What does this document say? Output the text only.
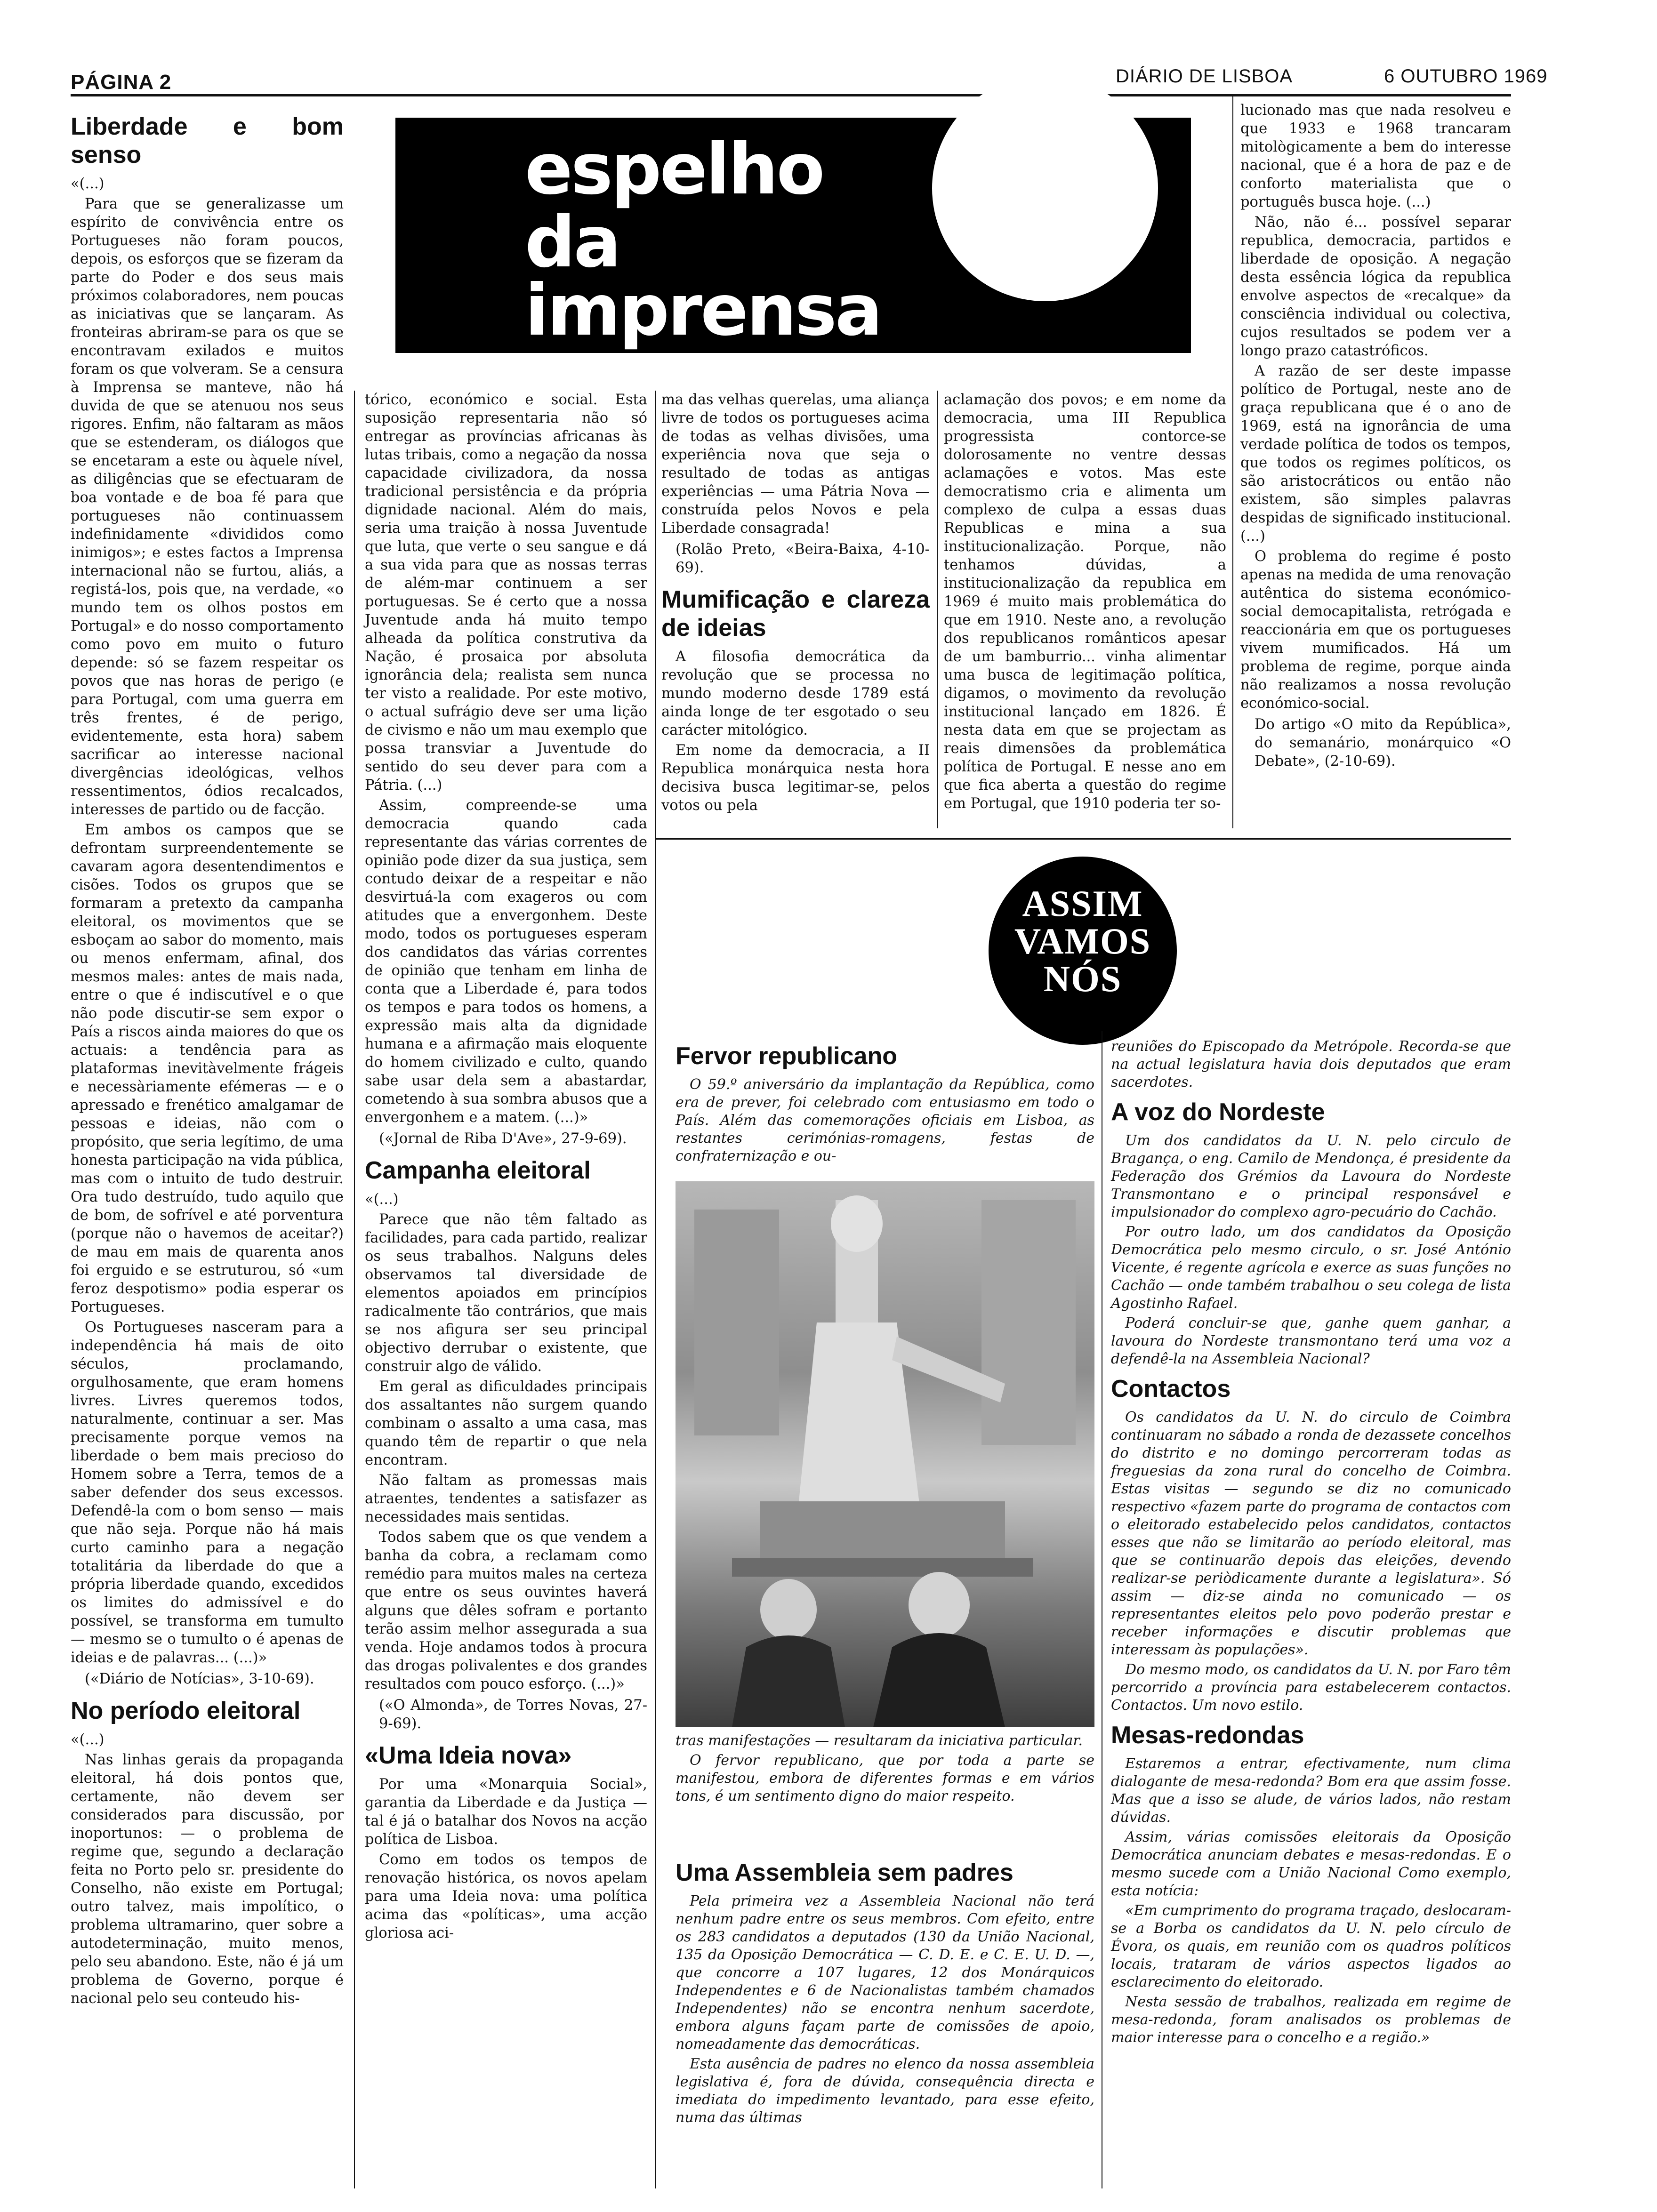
PÁGINA 2	DIÁRIO DE LISBOA	6 OUTUBRO 1969
espelho
da
imprensa
Liberdade e bom senso

«(...)

Para que se generalizasse um espírito de convivência entre os Portugueses não foram poucos, depois, os esforços que se fizeram da parte do Poder e dos seus mais próximos colaboradores, nem poucas as iniciativas que se lançaram. As fronteiras abriram-se para os que se encontravam exilados e muitos foram os que volveram. Se a censura à Imprensa se manteve, não há duvida de que se atenuou nos seus rigores. Enfim, não faltaram as mãos que se estenderam, os diálogos que se encetaram a este ou àquele nível, as diligências que se efectuaram de boa vontade e de boa fé para que portugueses não continuassem indefinidamente «divididos como inimigos»; e estes factos a Imprensa internacional não se furtou, aliás, a registá-los, pois que, na verdade, «o mundo tem os olhos postos em Portugal» e do nosso comportamento como povo em muito o futuro depende: só se fazem respeitar os povos que nas horas de perigo (e para Portugal, com uma guerra em três frentes, é de perigo, evidentemente, esta hora) sabem sacrificar ao interesse nacional divergências ideológicas, velhos ressentimentos, ódios recalcados, interesses de partido ou de facção.

Em ambos os campos que se defrontam surpreendentemente se cavaram agora desentendimentos e cisões. Todos os grupos que se formaram a pretexto da campanha eleitoral, os movimentos que se esboçam ao sabor do momento, mais ou menos enfermam, afinal, dos mesmos males: antes de mais nada, entre o que é indiscutível e o que não pode discutir-se sem expor o País a riscos ainda maiores do que os actuais: a tendência para as plataformas inevitàvelmente frágeis e necessàriamente efémeras — e o apressado e frenético amalgamar de pessoas e ideias, não com o propósito, que seria legítimo, de uma honesta participação na vida pública, mas com o intuito de tudo destruir. Ora tudo destruído, tudo aquilo que de bom, de sofrível e até porventura (porque não o havemos de aceitar?) de mau em mais de quarenta anos foi erguido e se estruturou, só «um feroz despotismo» podia esperar os Portugueses.

Os Portugueses nasceram para a independência há mais de oito séculos, proclamando, orgulhosamente, que eram homens livres. Livres queremos todos, naturalmente, continuar a ser. Mas precisamente porque vemos na liberdade o bem mais precioso do Homem sobre a Terra, temos de a saber defender dos seus excessos. Defendê-la com o bom senso — mais que não seja. Porque não há mais curto caminho para a negação totalitária da liberdade do que a própria liberdade quando, excedidos os limites do admissível e do possível, se transforma em tumulto — mesmo se o tumulto o é apenas de ideias e de palavras... (...)»

(«Diário de Notícias», 3-10-69).

No período eleitoral

«(...)

Nas linhas gerais da propaganda eleitoral, há dois pontos que, certamente, não devem ser considerados para discussão, por inoportunos: — o problema de regime que, segundo a declaração feita no Porto pelo sr. presidente do Conselho, não existe em Portugal; outro talvez, mais impolítico, o problema ultramarino, quer sobre a autodeterminação, muito menos, pelo seu abandono. Este, não é já um problema de Governo, porque é nacional pelo seu conteudo his-

tórico, económico e social. Esta suposição representaria não só entregar as províncias africanas às lutas tribais, como a negação da nossa capacidade civilizadora, da nossa tradicional persistência e da própria dignidade nacional. Além do mais, seria uma traição à nossa Juventude que luta, que verte o seu sangue e dá a sua vida para que as nossas terras de além-mar continuem a ser portuguesas. Se é certo que a nossa Juventude anda há muito tempo alheada da política construtiva da Nação, é prosaica por absoluta ignorância dela; realista sem nunca ter visto a realidade. Por este motivo, o actual sufrágio deve ser uma lição de civismo e não um mau exemplo que possa transviar a Juventude do sentido do seu dever para com a Pátria. (...)

Assim, compreende-se uma democracia quando cada representante das várias correntes de opinião pode dizer da sua justiça, sem contudo deixar de a respeitar e não desvirtuá-la com exageros ou com atitudes que a envergonhem. Deste modo, todos os portugueses esperam dos candidatos das várias correntes de opinião que tenham em linha de conta que a Liberdade é, para todos os tempos e para todos os homens, a expressão mais alta da dignidade humana e a afirmação mais eloquente do homem civilizado e culto, quando sabe usar dela sem a abastardar, cometendo à sua sombra abusos que a envergonhem e a matem. (...)»

(«Jornal de Riba D'Ave», 27-9-69).

Campanha eleitoral

«(...)

Parece que não têm faltado as facilidades, para cada partido, realizar os seus trabalhos. Nalguns deles observamos tal diversidade de elementos apoiados em princípios radicalmente tão contrários, que mais se nos afigura ser seu principal objectivo derrubar o existente, que construir algo de válido.

Em geral as dificuldades principais dos assaltantes não surgem quando combinam o assalto a uma casa, mas quando têm de repartir o que nela encontram.

Não faltam as promessas mais atraentes, tendentes a satisfazer as necessidades mais sentidas.

Todos sabem que os que vendem a banha da cobra, a reclamam como remédio para muitos males na certeza que entre os seus ouvintes haverá alguns que dêles sofram e portanto terão assim melhor assegurada a sua venda. Hoje andamos todos à procura das drogas polivalentes e dos grandes resultados com pouco esforço. (...)»

(«O Almonda», de Torres Novas, 27-9-69).

«Uma Ideia nova»

Por uma «Monarquia Social», garantia da Liberdade e da Justiça — tal é já o batalhar dos Novos na acção política de Lisboa.

Como em todos os tempos de renovação histórica, os novos apelam para uma Ideia nova: uma política acima das «políticas», uma acção gloriosa aci-

ma das velhas querelas, uma aliança livre de todos os portugueses acima de todas as velhas divisões, uma experiência nova que seja o resultado de todas as antigas experiências — uma Pátria Nova — construída pelos Novos e pela Liberdade consagrada!

(Rolão Preto, «Beira-Baixa, 4-10-69).

Mumificação e clareza de ideias

A filosofia democrática da revolução que se processa no mundo moderno desde 1789 está ainda longe de ter esgotado o seu carácter mitológico.

Em nome da democracia, a II Republica monárquica nesta hora decisiva busca legitimar-se, pelos votos ou pela

aclamação dos povos; e em nome da democracia, uma III Republica progressista contorce-se dolorosamente no ventre dessas aclamações e votos. Mas este democratismo cria e alimenta um complexo de culpa a essas duas Republicas e mina a sua institucionalização. Porque, não tenhamos dúvidas, a institucionalização da republica em 1969 é muito mais problemática do que em 1910. Neste ano, a revolução dos republicanos românticos apesar de um bamburrio... vinha alimentar uma busca de legitimação política, digamos, o movimento da revolução institucional lançado em 1826. É nesta data em que se projectam as reais dimensões da problemática política de Portugal. E nesse ano em que fica aberta a questão do regime em Portugal, que 1910 poderia ter so-

lucionado mas que nada resolveu e que 1933 e 1968 trancaram mitològicamente a bem do interesse nacional, que é a hora de paz e de conforto materialista que o português busca hoje. (...)

Não, não é... possível separar republica, democracia, partidos e liberdade de oposição. A negação desta essência lógica da republica envolve aspectos de «recalque» da consciência individual ou colectiva, cujos resultados se podem ver a longo prazo catastróficos.

A razão de ser deste impasse político de Portugal, neste ano de graça republicana que é o ano de 1969, está na ignorância de uma verdade política de todos os tempos, que todos os regimes políticos, os são aristocráticos ou então não existem, são simples palavras despidas de significado institucional. (...)

O problema do regime é posto apenas na medida de uma renovação autêntica do sistema económico-social democapitalista, retrógada e reaccionária em que os portugueses vivem mumificados. Há um problema de regime, porque ainda não realizamos a nossa revolução económico-social.

Do artigo «O mito da República», do semanário, monárquico «O Debate», (2-10-69).

ASSIM
VAMOS
NÓS
Fervor republicano

O 59.º aniversário da implantação da República, como era de prever, foi celebrado com entusiasmo em todo o País. Além das comemorações oficiais em Lisboa, as restantes cerimónias-romagens, festas de confraternização e ou-

tras manifestações — resultaram da iniciativa particular.

O fervor republicano, que por toda a parte se manifestou, embora de diferentes formas e em vários tons, é um sentimento digno do maior respeito.

Uma Assembleia sem padres

Pela primeira vez a Assembleia Nacional não terá nenhum padre entre os seus membros. Com efeito, entre os 283 candidatos a deputados (130 da União Nacional, 135 da Oposição Democrática — C. D. E. e C. E. U. D. —, que concorre a 107 lugares, 12 dos Monárquicos Independentes e 6 de Nacionalistas também chamados Independentes) não se encontra nenhum sacerdote, embora alguns façam parte de comissões de apoio, nomeadamente das democráticas.

Esta ausência de padres no elenco da nossa assembleia legislativa é, fora de dúvida, consequência directa e imediata do impedimento levantado, para esse efeito, numa das últimas

reuniões do Episcopado da Metrópole. Recorda-se que na actual legislatura havia dois deputados que eram sacerdotes.

A voz do Nordeste

Um dos candidatos da U. N. pelo circulo de Bragança, o eng. Camilo de Mendonça, é presidente da Federação dos Grémios da Lavoura do Nordeste Transmontano e o principal responsável e impulsionador do complexo agro-pecuário do Cachão.

Por outro lado, um dos candidatos da Oposição Democrática pelo mesmo circulo, o sr. José António Vicente, é regente agrícola e exerce as suas funções no Cachão — onde também trabalhou o seu colega de lista Agostinho Rafael.

Poderá concluir-se que, ganhe quem ganhar, a lavoura do Nordeste transmontano terá uma voz a defendê-la na Assembleia Nacional?

Contactos

Os candidatos da U. N. do circulo de Coimbra continuaram no sábado a ronda de dezassete concelhos do distrito e no domingo percorreram todas as freguesias da zona rural do concelho de Coimbra. Estas visitas — segundo se diz no comunicado respectivo «fazem parte do programa de contactos com o eleitorado estabelecido pelos candidatos, contactos esses que não se limitarão ao período eleitoral, mas que se continuarão depois das eleições, devendo realizar-se periòdicamente durante a legislatura». Só assim — diz-se ainda no comunicado — os representantes eleitos pelo povo poderão prestar e receber informações e discutir problemas que interessam às populações».

Do mesmo modo, os candidatos da U. N. por Faro têm percorrido a província para estabelecerem contactos. Contactos. Um novo estilo.

Mesas-redondas

Estaremos a entrar, efectivamente, num clima dialogante de mesa-redonda? Bom era que assim fosse. Mas que a isso se alude, de vários lados, não restam dúvidas.

Assim, várias comissões eleitorais da Oposição Democrática anunciam debates e mesas-redondas. E o mesmo sucede com a União Nacional Como exemplo, esta notícia:

«Em cumprimento do programa traçado, deslocaram-se a Borba os candidatos da U. N. pelo círculo de Évora, os quais, em reunião com os quadros políticos locais, trataram de vários aspectos ligados ao esclarecimento do eleitorado.

Nesta sessão de trabalhos, realizada em regime de mesa-redonda, foram analisados os problemas de maior interesse para o concelho e a região.»
